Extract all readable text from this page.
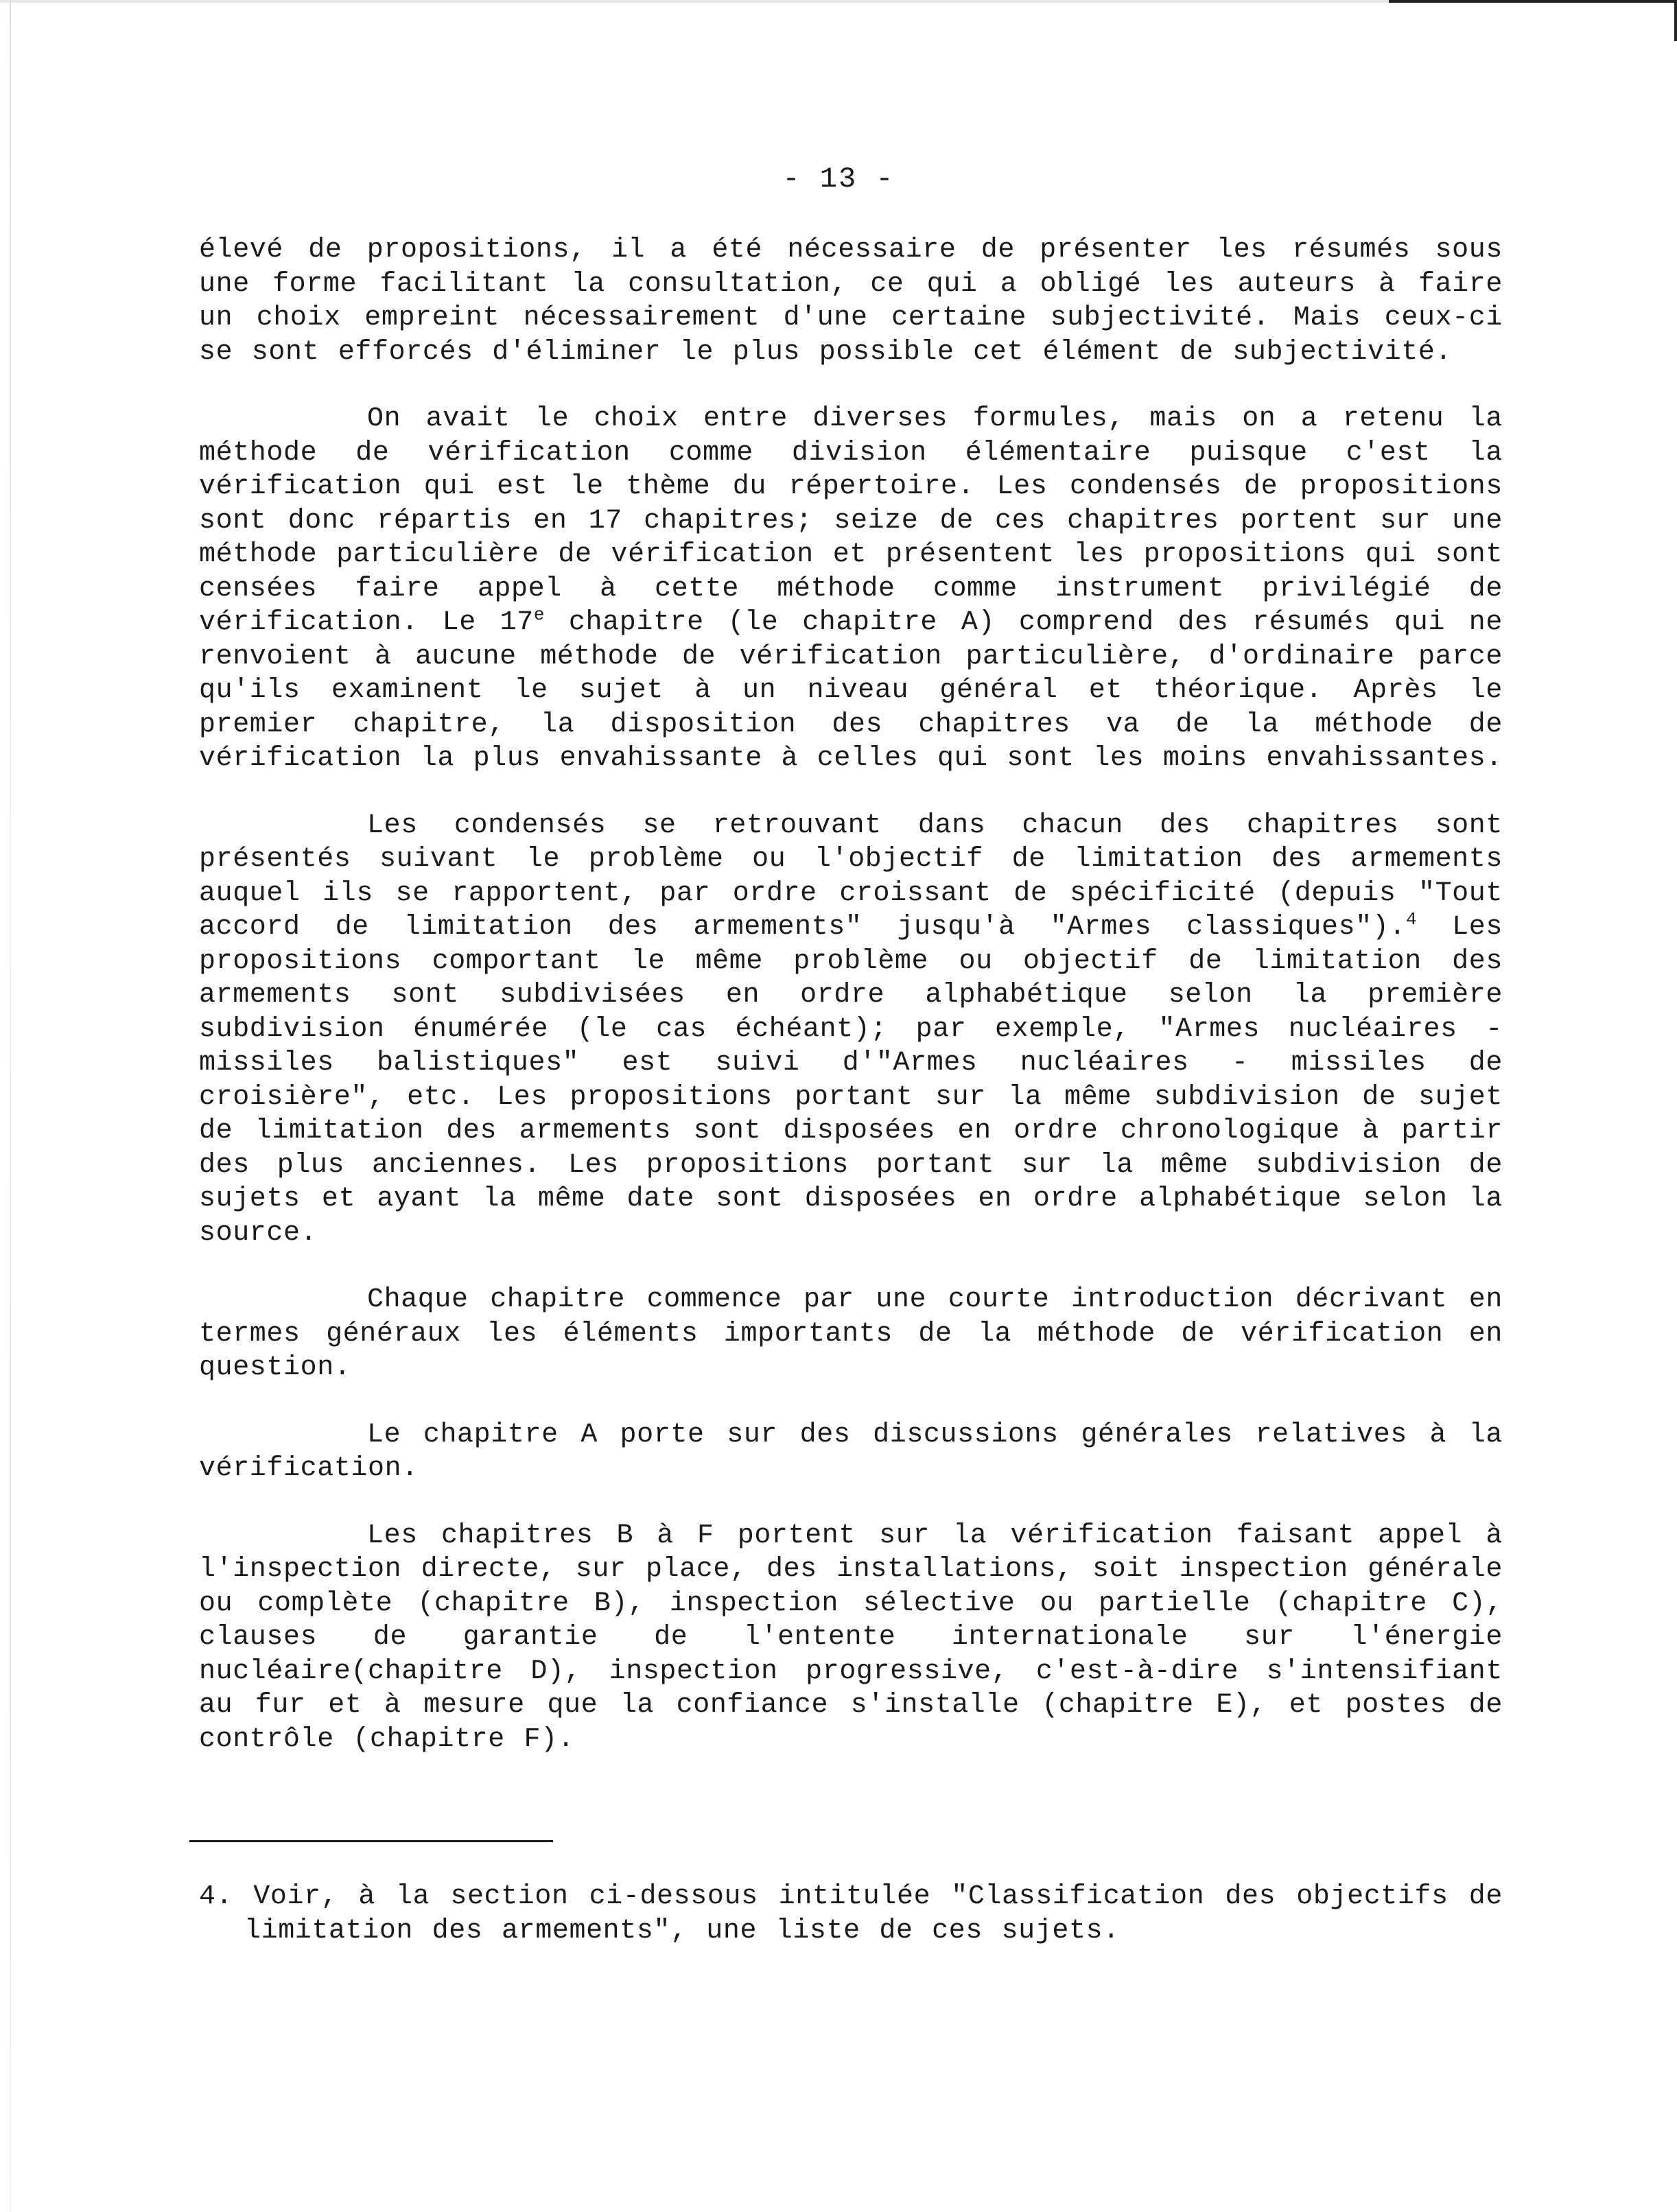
- 13 -

élevé de propositions, il a été nécessaire de présenter les résumés sous une forme facilitant la consultation, ce qui a obligé les auteurs à faire un choix empreint nécessairement d'une certaine subjectivité. Mais ceux-ci se sont efforcés d'éliminer le plus possible cet élément de subjectivité.

On avait le choix entre diverses formules, mais on a retenu la méthode de vérification comme division élémentaire puisque c'est la vérification qui est le thème du répertoire. Les condensés de propositions sont donc répartis en 17 chapitres; seize de ces chapitres portent sur une méthode particulière de vérification et présentent les propositions qui sont censées faire appel à cette méthode comme instrument privilégié de vérification. Le 17e chapitre (le chapitre A) comprend des résumés qui ne renvoient à aucune méthode de vérification particulière, d'ordinaire parce qu'ils examinent le sujet à un niveau général et théorique. Après le premier chapitre, la disposition des chapitres va de la méthode de vérification la plus envahissante à celles qui sont les moins envahissantes.

Les condensés se retrouvant dans chacun des chapitres sont présentés suivant le problème ou l'objectif de limitation des armements auquel ils se rapportent, par ordre croissant de spécificité (depuis "Tout accord de limitation des armements" jusqu'à "Armes classiques").$^4$ Les propositions comportant le même problème ou objectif de limitation des armements sont subdivisées en ordre alphabétique selon la première subdivision énumérée (le cas échéant); par exemple, "Armes nucléaires - missiles balistiques" est suivi d'"Armes nucléaires - missiles de croisière", etc. Les propositions portant sur la même subdivision de sujet de limitation des armements sont disposées en ordre chronologique à partir des plus anciennes. Les propositions portant sur la même subdivision de sujets et ayant la même date sont disposées en ordre alphabétique selon la source.

Chaque chapitre commence par une courte introduction décrivant en termes généraux les éléments importants de la méthode de vérification en question.

Le chapitre A porte sur des discussions générales relatives à la vérification.

Les chapitres B à F portent sur la vérification faisant appel à l'inspection directe, sur place, des installations, soit inspection générale ou complète (chapitre B), inspection sélective ou partielle (chapitre C), clauses de garantie de l'entente internationale sur l'énergie nucléaire(chapitre D), inspection progressive, c'est-à-dire s'intensifiant au fur et à mesure que la confiance s'installe (chapitre E), et postes de contrôle (chapitre F).

4. Voir, à la section ci-dessous intitulée "Classification des objectifs de limitation des armements", une liste de ces sujets.
